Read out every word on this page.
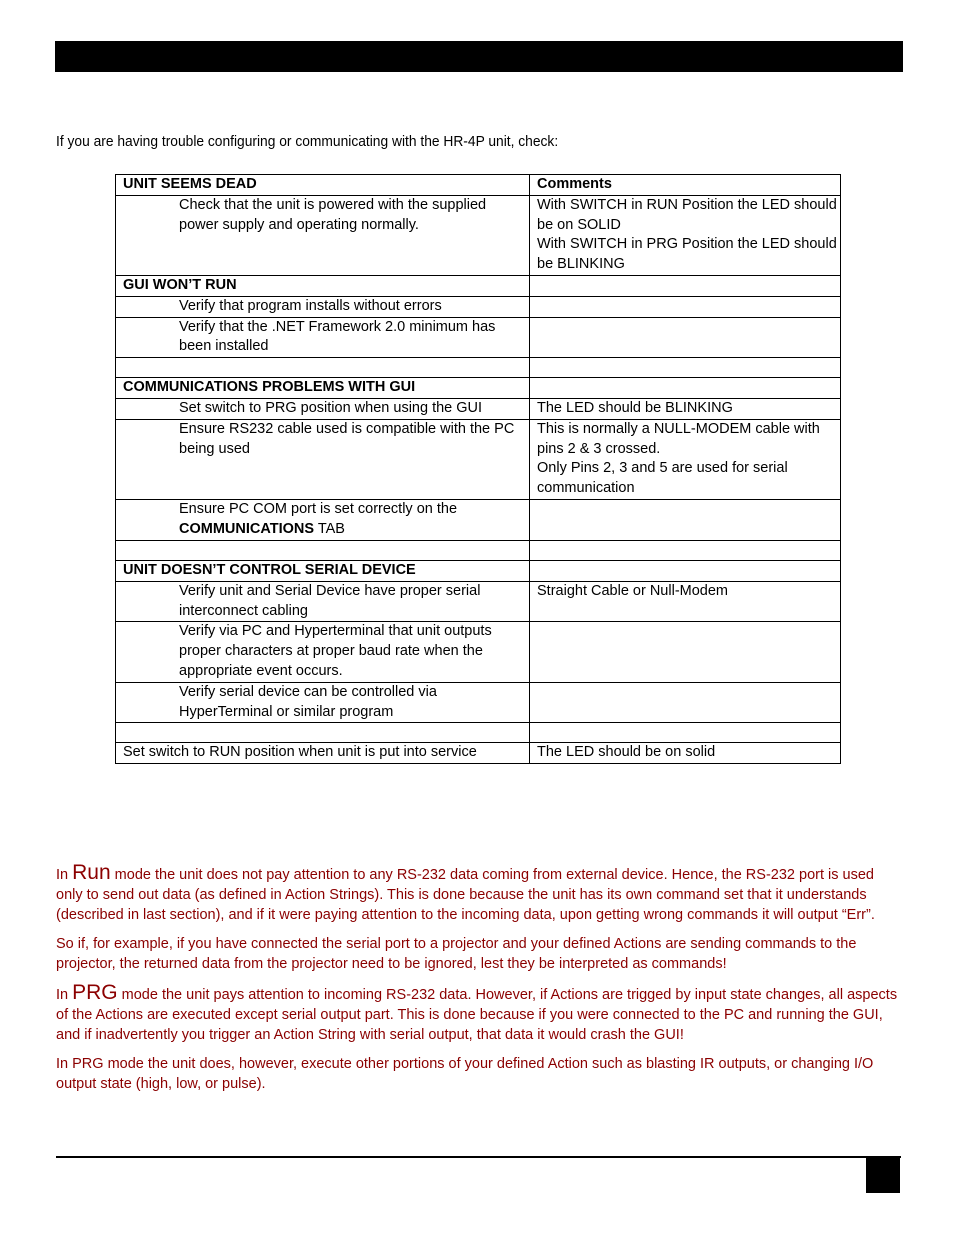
If you are having trouble configuring or communicating with the HR-4P unit, check:
UNIT SEEMS DEAD	Comments

Check that the unit is powered with the supplied power supply and operating normally.	With SWITCH in RUN Position the LED should be on SOLID
With SWITCH in PRG Position the LED should be BLINKING

GUI WON’T RUN	

Verify that program installs without errors	

Verify that the .NET Framework 2.0 minimum has been installed	

COMMUNICATIONS PROBLEMS WITH GUI	

Set switch to PRG position when using the GUI	The LED should be BLINKING

Ensure RS232 cable used is compatible with the PC being used	This is normally a NULL-MODEM cable with pins 2 & 3 crossed.
Only Pins 2, 3 and 5 are used for serial communication

Ensure PC COM port is set correctly on the
COMMUNICATIONS TAB	

UNIT DOESN’T CONTROL SERIAL DEVICE	

Verify unit and Serial Device have proper serial interconnect cabling	Straight Cable or Null-Modem

Verify via PC and Hyperterminal that unit outputs proper characters at proper baud rate when the appropriate event occurs.	

Verify serial device can be controlled via HyperTerminal or similar program	

Set switch to RUN position when unit is put into service	The LED should be on solid

In Run mode the unit does not pay attention to any RS-232 data coming from external device. Hence, the RS-232 port is used only to send out data (as defined in Action Strings). This is done because the unit has its own command set that it understands (described in last section), and if it were paying attention to the incoming data, upon getting wrong commands it will output “Err”.

So if, for example, if you have connected the serial port to a projector and your defined Actions are sending commands to the projector, the returned data from the projector need to be ignored, lest they be interpreted as commands!

In PRG mode the unit pays attention to incoming RS-232 data. However, if Actions are trigged by input state changes, all aspects of the Actions are executed except serial output part. This is done because if you were connected to the PC and running the GUI, and if inadvertently you trigger an Action String with serial output, that data it would crash the GUI!

In PRG mode the unit does, however, execute other portions of your defined Action such as blasting IR outputs, or changing I/O output state (high, low, or pulse).
